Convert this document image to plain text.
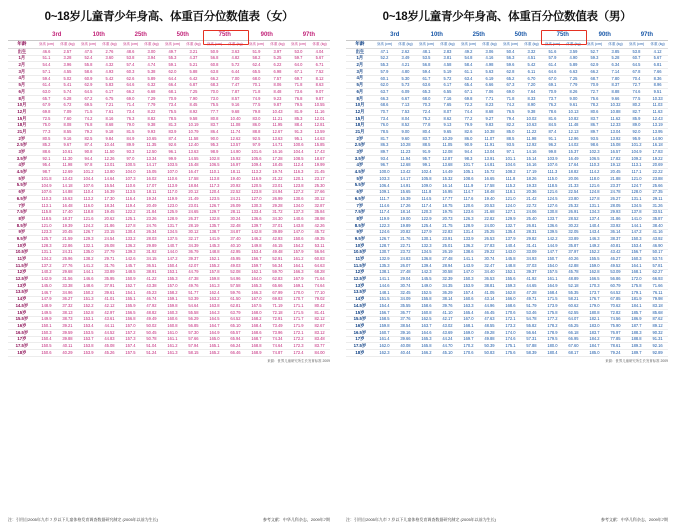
0~18岁儿童青少年身高、体重百分位数值表（女）
	3rd		10th		25th		50th		75th		90th		97th	
年龄	身高 (cm)	体重 (kg)	身高 (cm)	体重 (kg)	身高 (cm)	体重 (kg)	身高 (cm)	体重 (kg)	身高 (cm)	体重 (kg)	身高 (cm)	体重 (kg)	身高 (cm)	体重 (kg)
出生	46.6	2.57	47.5	2.76	48.6	3.00	49.7	3.21	50.9	3.63	51.9	3.97	53.0	4.04
1月	51.1	3.28	52.4	3.60	53.8	3.94	55.3	4.37	56.8	4.82	58.2	5.25	59.7	5.67
2月	54.4	3.96	55.8	4.32	57.4	4.74	59.1	5.21	60.8	5.72	62.4	6.22	64.0	6.71
3月	57.1	4.55	58.6	4.93	60.3	5.38	62.0	5.88	63.8	6.44	65.5	6.98	67.1	7.52
4月	59.4	5.02	60.9	5.42	62.6	5.89	64.4	6.42	66.2	7.00	68.0	7.57	69.7	8.12
5月	61.4	5.41	62.9	5.83	64.6	6.32	66.4	6.87	68.3	7.47	70.1	8.06	71.8	8.63
6月	63.0	5.74	64.5	6.17	66.2	6.68	68.1	7.25	70.0	7.87	71.8	8.48	73.6	9.07
8月	65.7	6.28	67.2	6.75	69.0	7.29	70.9	7.90	73.0	8.57	74.9	9.23	76.8	9.87
10月	67.9	6.72	69.5	7.21	71.4	7.79	73.4	8.45	75.5	9.16	77.5	9.87	79.5	10.55
12月	69.8	7.09	71.5	7.61	73.4	8.22	75.5	8.92	77.7	9.68	79.8	10.43	81.9	11.16
15月	72.5	7.60	74.2	8.16	76.3	8.82	78.5	9.58	80.8	10.40	83.0	11.21	85.3	12.01
18月	75.0	8.08	76.8	8.68	79.0	9.38	81.3	10.19	83.7	11.08	86.0	11.95	88.4	12.81
21月	77.3	8.55	79.2	9.18	81.5	9.93	83.9	10.79	86.4	11.74	88.8	12.67	91.3	13.59
2岁	80.5	9.16	82.5	9.84	84.9	10.65	87.4	11.58	90.0	12.62	92.5	13.63	95.1	14.63
2.5岁	85.2	9.67	87.4	10.44	89.9	11.35	92.6	12.40	95.3	13.57	97.9	14.71	100.6	15.85
3岁	88.6	10.61	90.8	11.50	93.3	12.50	96.1	13.63	98.9	14.90	101.6	16.16	104.4	17.43
3.5岁	92.1	11.30	94.4	12.26	97.0	13.34	99.9	14.55	102.8	15.92	105.6	17.28	108.5	18.67
4岁	95.4	11.98	97.8	13.01	100.5	14.17	103.5	15.48	106.5	16.97	109.4	18.45	112.4	19.99
4.5岁	98.7	12.69	101.2	13.80	104.0	15.05	107.0	16.47	110.1	18.11	113.2	19.74	116.3	21.45
5岁	101.8	13.43	104.4	14.64	107.3	16.02	110.6	17.58	113.8	19.40	116.9	21.22	120.1	23.17
5.5岁	104.9	14.18	107.6	15.54	110.6	17.07	113.9	18.84	117.3	20.92	120.5	23.01	123.8	25.30
6岁	107.6	14.88	110.4	16.39	113.5	18.11	117.0	20.12	120.4	22.52	123.8	24.94	127.2	27.66
6.5岁	110.3	15.63	113.2	17.30	116.4	19.24	119.9	21.49	123.5	24.21	127.0	26.99	130.6	30.12
7岁	113.1	16.48	116.0	18.34	119.4	20.49	123.0	23.01	126.7	26.09	130.3	29.28	134.0	32.87
7.5岁	115.8	17.40	118.8	19.45	122.2	21.84	125.9	24.65	129.7	28.11	133.4	31.72	137.3	35.84
8岁	118.5	18.37	121.6	20.62	125.1	23.26	128.9	26.37	132.8	30.24	136.6	34.30	140.6	38.98
8.5岁	121.0	19.39	124.2	21.86	127.8	24.76	131.7	28.19	135.7	32.48	139.7	37.01	143.8	42.26
9岁	123.3	20.45	126.7	23.15	130.4	26.34	134.5	30.12	138.7	34.87	142.8	39.89	147.0	45.72
9.5岁	125.7	21.59	129.3	24.54	133.2	28.03	137.5	32.17	141.9	37.40	146.2	42.93	150.6	49.35
10岁	128.3	22.86	132.1	26.08	136.2	29.89	140.7	34.39	145.3	40.10	149.8	46.15	154.2	53.11
10.5岁	131.1	24.31	135.0	27.79	139.3	31.92	144.0	36.79	148.8	42.95	153.4	49.48	157.9	56.94
11岁	134.2	25.96	138.2	29.71	142.6	34.15	147.2	39.37	152.1	45.95	156.7	52.91	161.2	60.83
11.5岁	137.2	27.76	141.2	31.76	145.7	36.51	150.4	42.07	155.2	49.03	159.7	56.34	164.1	64.63
12岁	140.2	29.68	144.1	33.89	148.5	38.91	153.1	44.79	157.8	52.08	162.1	59.70	166.3	68.28
12.5岁	142.9	31.56	146.6	35.95	150.9	41.22	155.3	47.38	159.8	54.96	164.0	62.83	167.9	71.64
13岁	145.0	33.38	148.6	37.91	152.7	43.38	157.0	49.76	161.3	57.58	165.3	65.66	169.1	74.64
13.5岁	146.7	34.96	150.2	39.61	154.1	45.23	158.2	51.77	162.4	59.76	166.3	67.99	170.0	77.10
14岁	147.9	36.27	151.3	41.01	155.1	46.74	159.1	53.39	163.2	61.50	167.0	69.83	170.7	79.02
14.5岁	148.9	37.32	152.2	42.12	155.9	47.92	159.8	54.64	163.8	62.81	167.5	71.19	171.1	80.42
15岁	149.5	38.13	152.8	42.97	156.5	48.82	160.3	55.58	164.3	63.79	168.0	72.18	171.5	81.41
15.5岁	149.9	38.73	153.1	43.61	156.8	49.49	160.6	56.29	164.5	64.52	168.2	72.91	171.7	82.12
16岁	150.1	39.21	153.4	44.11	157.0	50.02	160.8	56.85	164.7	65.10	168.4	73.49	171.9	82.67
16.5岁	150.3	39.59	153.5	44.52	157.2	50.45	161.0	57.30	164.9	65.57	168.6	73.96	172.1	83.12
17岁	150.4	39.88	153.7	44.83	157.3	50.78	161.1	57.66	165.0	65.94	168.7	74.34	172.2	83.48
17.5岁	150.5	40.11	153.8	45.08	157.4	51.04	161.2	57.94	165.1	66.24	168.8	74.64	172.3	83.77
18岁	150.6	40.29	153.9	45.26	157.5	51.24	161.3	58.15	165.2	66.46	168.9	74.87	172.4	84.00
来源：世界儿童研究所生长发育标准 2009
注：引用自2005年九市 7 岁以下儿童体格发育调查数据研究制定 (2005年以前为生长)	参考文献：中华儿科杂志，2009年7期
0~18岁儿童青少年身高、体重百分位数值表（男）
	3rd		10th		25th		50th		75th		90th		97th	
年龄	身高 (cm)	体重 (kg)	身高 (cm)	体重 (kg)	身高 (cm)	体重 (kg)	身高 (cm)	体重 (kg)	身高 (cm)	体重 (kg)	身高 (cm)	体重 (kg)	身高 (cm)	体重 (kg)
出生	47.1	2.62	48.1	2.83	49.2	3.06	50.4	3.32	51.6	3.59	52.7	3.85	53.8	4.12
1月	52.2	3.49	53.5	3.81	54.8	4.16	56.3	4.51	57.9	4.90	59.3	5.28	60.7	5.67
2月	55.3	4.21	56.8	4.58	58.4	4.98	59.6	5.42	61.4	5.89	62.9	6.34	64.5	6.81
3月	57.9	4.80	59.4	5.19	61.1	5.63	62.8	6.11	64.6	6.63	66.2	7.14	67.8	7.66
4月	60.1	5.30	61.7	5.72	63.4	6.19	65.2	6.70	67.0	7.25	68.7	7.80	70.4	8.36
5月	62.0	5.73	63.6	6.17	65.4	6.66	67.3	7.20	69.1	7.79	70.9	8.37	72.7	8.96
6月	63.7	6.09	65.3	6.55	67.1	7.06	69.0	7.64	70.9	8.26	72.7	8.88	74.6	9.51
8月	66.3	6.67	68.0	7.16	69.8	7.71	71.8	8.33	73.7	9.00	75.6	9.66	77.5	10.33
10月	68.6	7.13	70.3	7.65	72.2	8.23	74.2	8.90	76.2	9.61	78.2	10.32	80.2	11.03
12月	70.7	7.53	72.4	8.07	74.4	8.68	76.5	9.38	78.6	10.13	80.6	10.88	82.7	11.63
15月	73.4	8.04	75.2	8.62	77.2	9.27	79.4	10.02	81.6	10.82	83.7	11.62	85.9	12.43
18月	76.0	8.52	77.8	9.13	79.9	9.83	82.2	10.63	84.5	11.48	86.7	12.33	89.0	13.19
21月	78.5	9.00	80.4	9.65	82.6	10.38	85.0	11.22	87.4	12.13	89.7	13.04	92.0	13.95
2岁	81.7	9.60	83.7	10.29	86.0	11.07	88.5	11.98	91.1	12.96	93.5	13.92	95.9	14.90
2.5岁	86.3	10.28	88.5	11.05	90.9	11.91	93.5	12.92	96.2	14.02	98.6	15.08	101.2	16.18
3岁	89.7	11.23	91.9	12.08	94.4	13.04	97.1	14.16	99.8	15.37	102.3	16.57	104.9	17.83
3.5岁	93.4	11.94	95.7	12.87	98.3	13.91	101.1	15.14	103.9	16.49	106.5	17.82	109.2	19.22
4岁	96.7	12.68	99.1	13.68	101.7	14.81	104.6	16.16	107.6	17.64	110.3	19.12	113.1	20.69
4.5岁	100.0	13.42	102.4	14.49	105.1	15.72	108.2	17.19	111.3	18.82	114.2	20.45	117.1	22.22
5岁	103.3	14.17	105.8	15.32	108.6	16.65	111.8	18.26	115.0	20.06	118.0	21.88	121.0	23.88
5.5岁	106.4	14.91	109.0	16.14	111.9	17.58	115.2	19.33	118.5	21.33	121.6	23.37	124.7	25.66
6岁	109.1	15.65	111.8	16.95	114.7	18.48	118.1	20.36	121.6	22.54	124.8	24.78	128.0	27.35
6.5岁	111.7	16.39	114.5	17.77	117.6	19.40	121.0	21.42	124.5	23.80	127.8	26.27	131.1	29.11
7岁	114.6	17.26	117.4	18.75	120.6	20.53	124.0	22.72	127.6	25.32	131.1	28.05	134.5	31.26
7.5岁	117.4	18.14	120.3	19.75	123.6	21.68	127.1	24.06	130.8	26.91	134.3	29.93	137.8	33.51
8岁	119.9	19.00	122.9	20.73	126.3	22.82	129.9	25.40	133.7	28.52	137.4	31.86	141.0	35.87
8.5岁	122.3	19.89	125.4	21.75	128.9	24.00	132.7	26.81	136.6	30.22	140.4	33.92	144.1	38.40
9岁	124.6	20.82	127.9	22.83	131.4	25.25	135.4	28.31	139.5	32.05	143.4	36.14	147.2	41.16
9.5岁	126.7	21.76	130.1	23.91	133.9	26.53	137.9	29.82	142.2	33.89	146.3	38.37	150.3	43.92
10岁	128.7	22.71	132.3	25.01	136.2	27.83	140.4	31.41	144.9	35.87	149.2	40.81	153.4	46.90
10.5岁	130.7	23.72	134.5	26.19	138.6	29.22	143.0	33.09	147.7	37.97	152.2	43.42	156.7	50.17
11岁	132.9	24.83	136.8	27.48	141.1	30.74	145.8	34.93	150.7	40.26	155.5	46.27	160.3	53.74
11.5岁	135.3	26.07	139.4	28.94	143.9	32.47	148.8	37.03	154.0	42.88	159.0	49.52	164.1	57.81
12岁	138.1	27.48	142.3	30.58	147.0	34.40	152.1	39.37	157.5	45.78	162.8	53.09	168.1	62.27
12.5岁	141.1	29.04	145.5	32.39	150.3	36.53	155.6	41.92	161.1	48.89	166.5	56.86	172.0	66.93
13岁	144.6	30.74	149.0	34.35	153.9	38.81	159.3	44.65	164.9	52.18	170.3	60.79	175.8	71.66
13.5岁	148.1	32.45	152.5	36.29	157.4	41.05	162.8	47.28	168.4	55.35	173.7	64.52	179.1	76.11
14岁	151.5	34.09	155.8	38.14	160.6	43.14	166.0	49.71	171.5	58.21	176.7	67.85	181.9	79.98
14.5岁	154.4	35.55	158.6	39.76	163.3	44.96	168.6	51.79	173.9	60.62	179.0	70.62	184.1	83.18
15岁	156.7	36.77	160.8	41.10	165.4	46.45	170.6	53.46	175.8	62.55	180.8	72.82	185.7	85.68
15.5岁	158.5	37.76	162.5	42.17	167.0	47.63	172.1	54.78	177.2	64.07	182.1	74.56	186.9	87.62
16岁	159.8	38.54	163.7	43.02	168.1	48.55	173.2	55.82	178.2	65.25	183.0	75.90	187.7	89.12
16.5岁	160.7	39.16	164.6	43.69	169.0	49.28	174.0	56.64	178.9	66.18	183.7	76.97	188.3	90.32
17岁	161.4	39.66	165.3	44.24	169.7	49.88	174.6	57.31	179.5	66.95	184.2	77.85	188.8	91.31
17.5岁	162.0	40.08	165.8	44.70	170.2	50.39	175.1	57.88	180.0	67.60	184.7	78.61	189.3	92.16
18岁	162.3	40.44	166.2	45.10	170.6	50.83	175.6	58.39	180.4	68.17	185.0	79.24	189.7	92.89
来源：世界儿童研究所生长发育标准 2009
注：引用自2005年九市 7 岁以下儿童体格发育调查数据研究制定 (2005年以前为生长)	参考文献：中华儿科杂志，2009年7期
